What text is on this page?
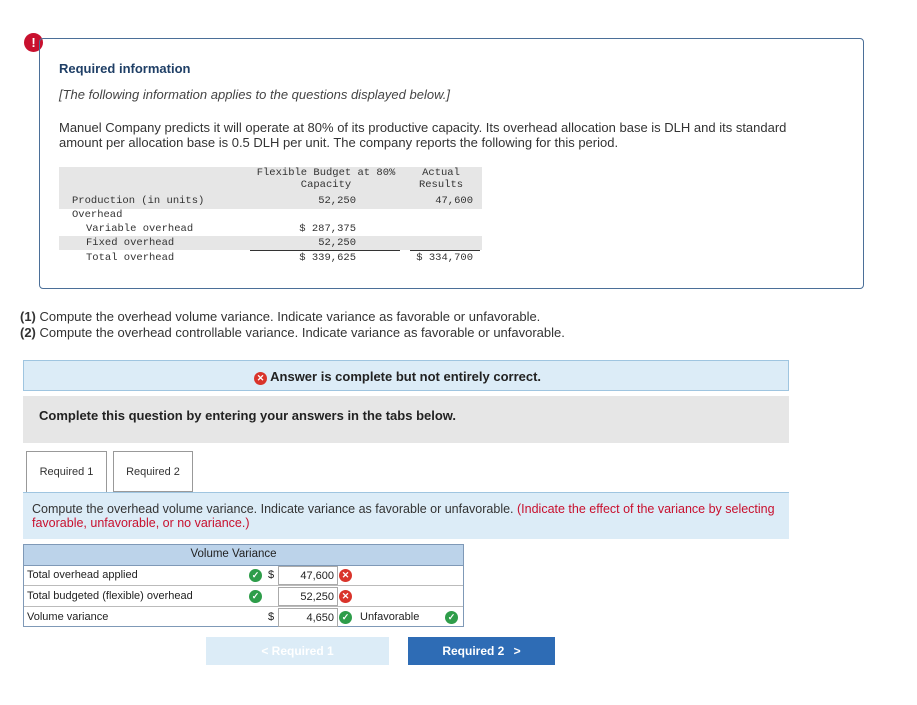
!
Required information
[The following information applies to the questions displayed below.]
Manuel Company predicts it will operate at 80% of its productive capacity. Its overhead allocation base is DLH and its standard amount per allocation base is 0.5 DLH per unit. The company reports the following for this period.
Flexible Budget at 80%
Capacity
Actual
Results
Production (in units)	52,250	47,600
Overhead
Variable overhead	$ 287,375
Fixed overhead	52,250
Total overhead	$ 339,625	$ 334,700
(1) Compute the overhead volume variance. Indicate variance as favorable or unfavorable.
(2) Compute the overhead controllable variance. Indicate variance as favorable or unfavorable.
✕ Answer is complete but not entirely correct.
Complete this question by entering your answers in the tabs below.
Required 1	Required 2
Compute the overhead volume variance. Indicate variance as favorable or unfavorable. (Indicate the effect of the variance by selecting favorable, unfavorable, or no variance.)
Volume Variance
Total overhead applied	✓ $	47,600 ✕
Total budgeted (flexible) overhead	✓	52,250 ✕
Volume variance	$	4,650 ✓ Unfavorable	✓
< Required 1	Required 2 >
